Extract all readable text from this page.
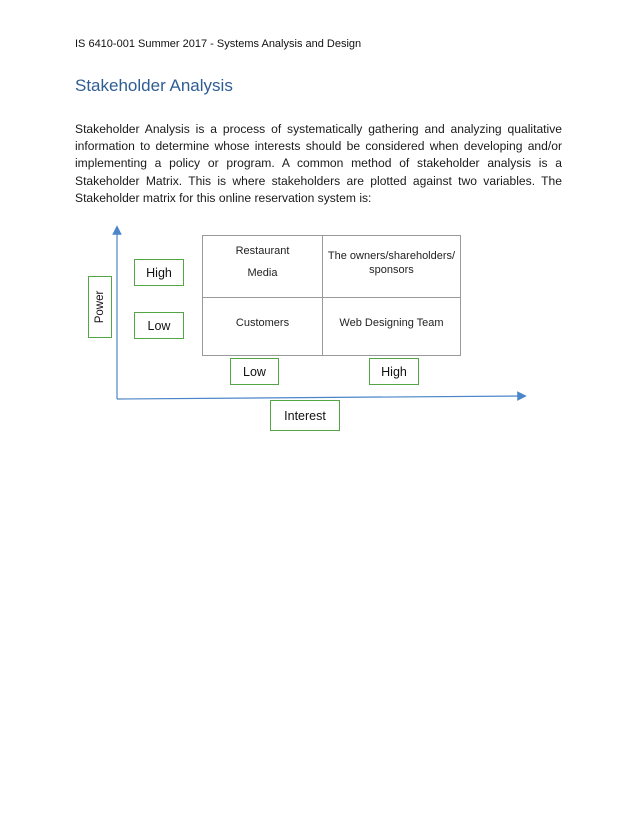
IS 6410-001 Summer 2017 - Systems Analysis and Design
Stakeholder Analysis
Stakeholder Analysis is a process of systematically gathering and analyzing qualitative information to determine whose interests should be considered when developing and/or implementing a policy or program. A common method of stakeholder analysis is a Stakeholder Matrix. This is where stakeholders are plotted against two variables. The Stakeholder matrix for this online reservation system is:
Restaurant
Media
The owners/shareholders/
sponsors
Customers	Web Designing Team
High
Low
Low	High
Power
Interest
